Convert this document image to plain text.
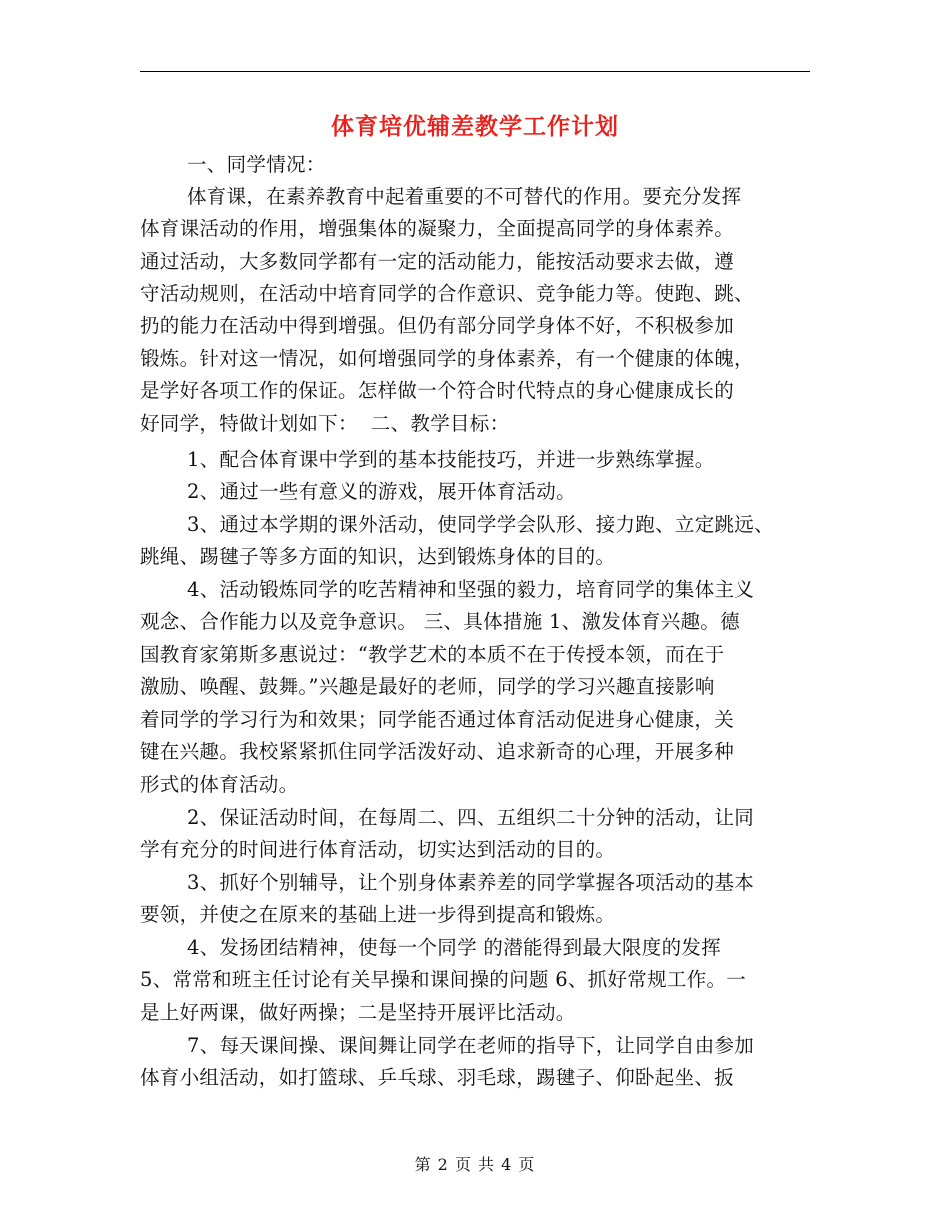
体育培优辅差教学工作计划
一、同学情况：
体育课，在素养教育中起着重要的不可替代的作用。要充分发挥
体育课活动的作用，增强集体的凝聚力，全面提高同学的身体素养。
通过活动，大多数同学都有一定的活动能力，能按活动要求去做，遵
守活动规则，在活动中培育同学的合作意识、竞争能力等。使跑、跳、
扔的能力在活动中得到增强。但仍有部分同学身体不好，不积极参加
锻炼。针对这一情况，如何增强同学的身体素养，有一个健康的体魄，
是学好各项工作的保证。怎样做一个符合时代特点的身心健康成长的
好同学，特做计划如下：  二、教学目标：
1、配合体育课中学到的基本技能技巧，并进一步熟练掌握。
2、通过一些有意义的游戏，展开体育活动。
3、通过本学期的课外活动，使同学学会队形、接力跑、立定跳远、
跳绳、踢毽子等多方面的知识，达到锻炼身体的目的。
4、活动锻炼同学的吃苦精神和坚强的毅力，培育同学的集体主义
观念、合作能力以及竞争意识。 三、具体措施 1、激发体育兴趣。德
国教育家第斯多惠说过：“教学艺术的本质不在于传授本领，而在于
激励、唤醒、鼓舞。”兴趣是最好的老师，同学的学习兴趣直接影响
着同学的学习行为和效果；同学能否通过体育活动促进身心健康，关
键在兴趣。我校紧紧抓住同学活泼好动、追求新奇的心理，开展多种
形式的体育活动。
2、保证活动时间，在每周二、四、五组织二十分钟的活动，让同
学有充分的时间进行体育活动，切实达到活动的目的。
3、抓好个别辅导，让个别身体素养差的同学掌握各项活动的基本
要领，并使之在原来的基础上进一步得到提高和锻炼。
4、发扬团结精神，使每一个同学 的潜能得到最大限度的发挥
5、常常和班主任讨论有关早操和课间操的问题 6、抓好常规工作。一
是上好两课，做好两操；二是坚持开展评比活动。
7、每天课间操、课间舞让同学在老师的指导下，让同学自由参加
体育小组活动，如打篮球、乒乓球、羽毛球，踢毽子、仰卧起坐、扳
第 2 页 共 4 页
